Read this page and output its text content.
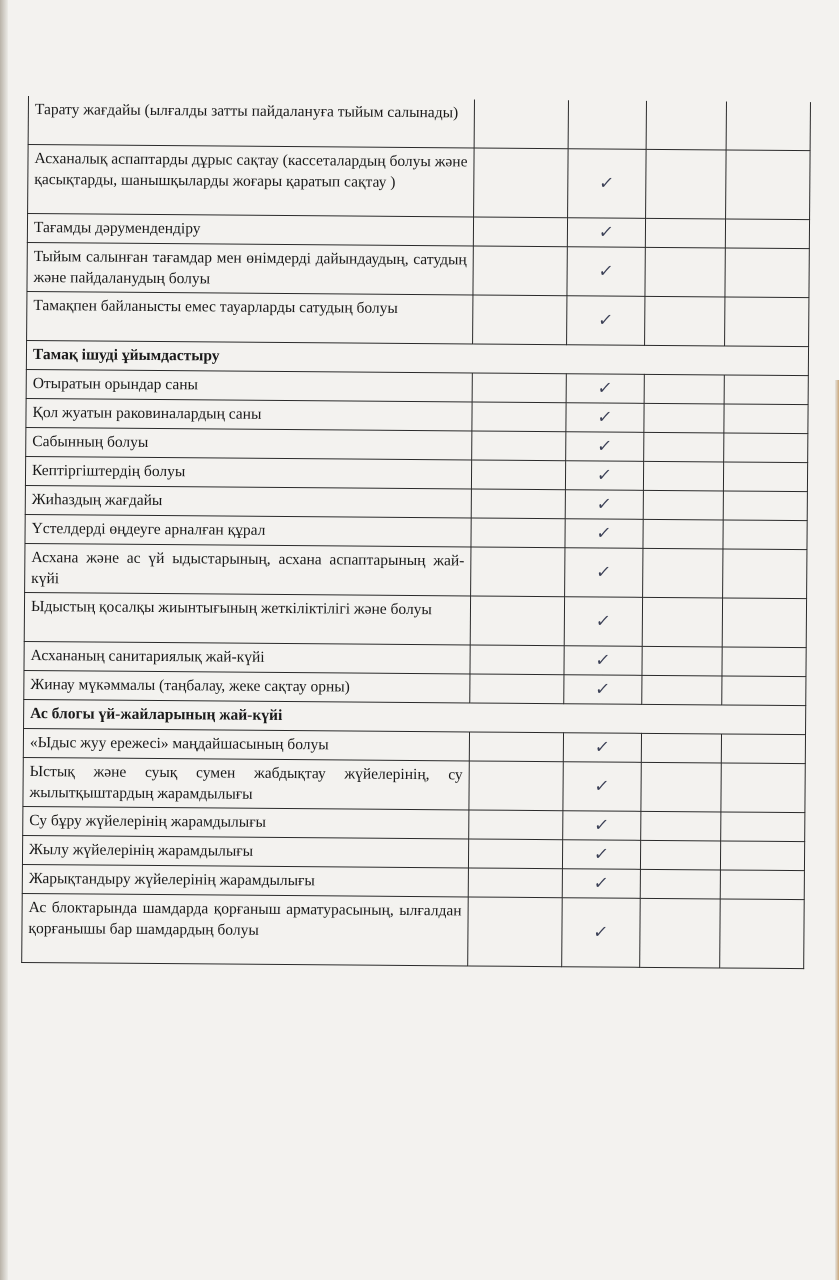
Тарату жағдайы (ылғалды затты пайдалануға тыйым салынады)				
Асханалық аспаптарды дұрыс сақтау (кассеталардың болуы және қасықтарды, шанышқыларды жоғары қаратып сақтау )		✓		
Тағамды дәрумендендіру		✓		
Тыйым салынған тағамдар мен өнімдерді дайындаудың, сатудың және пайдаланудың болуы		✓		
Тамақпен байланысты емес тауарларды сатудың болуы		✓		
Тамақ ішуді ұйымдастыру				
Отыратын орындар саны		✓		
Қол жуатын раковиналардың саны		✓		
Сабынның болуы		✓		
Кептіргіштердің болуы		✓		
Жиһаздың жағдайы		✓		
Үстелдерді өңдеуге арналған құрал		✓		
Асхана және ас үй ыдыстарының, асхана аспаптарының жай-күйі		✓		
Ыдыстың қосалқы жиынтығының жеткіліктілігі және болуы		✓		
Асхананың санитариялық жай-күйі		✓		
Жинау мүкәммалы (таңбалау, жеке сақтау орны)		✓		
Ас блогы үй-жайларының жай-күйі				
«Ыдыс жуу ережесі» маңдайшасының болуы		✓		
Ыстық және суық сумен жабдықтау жүйелерінің, су жылытқыштардың жарамдылығы		✓		
Су бұру жүйелерінің жарамдылығы		✓		
Жылу жүйелерінің жарамдылығы		✓		
Жарықтандыру жүйелерінің жарамдылығы		✓		
Ас блоктарында шамдарда қорғаныш арматурасының, ылғалдан қорғанышы бар шамдардың болуы		✓		
